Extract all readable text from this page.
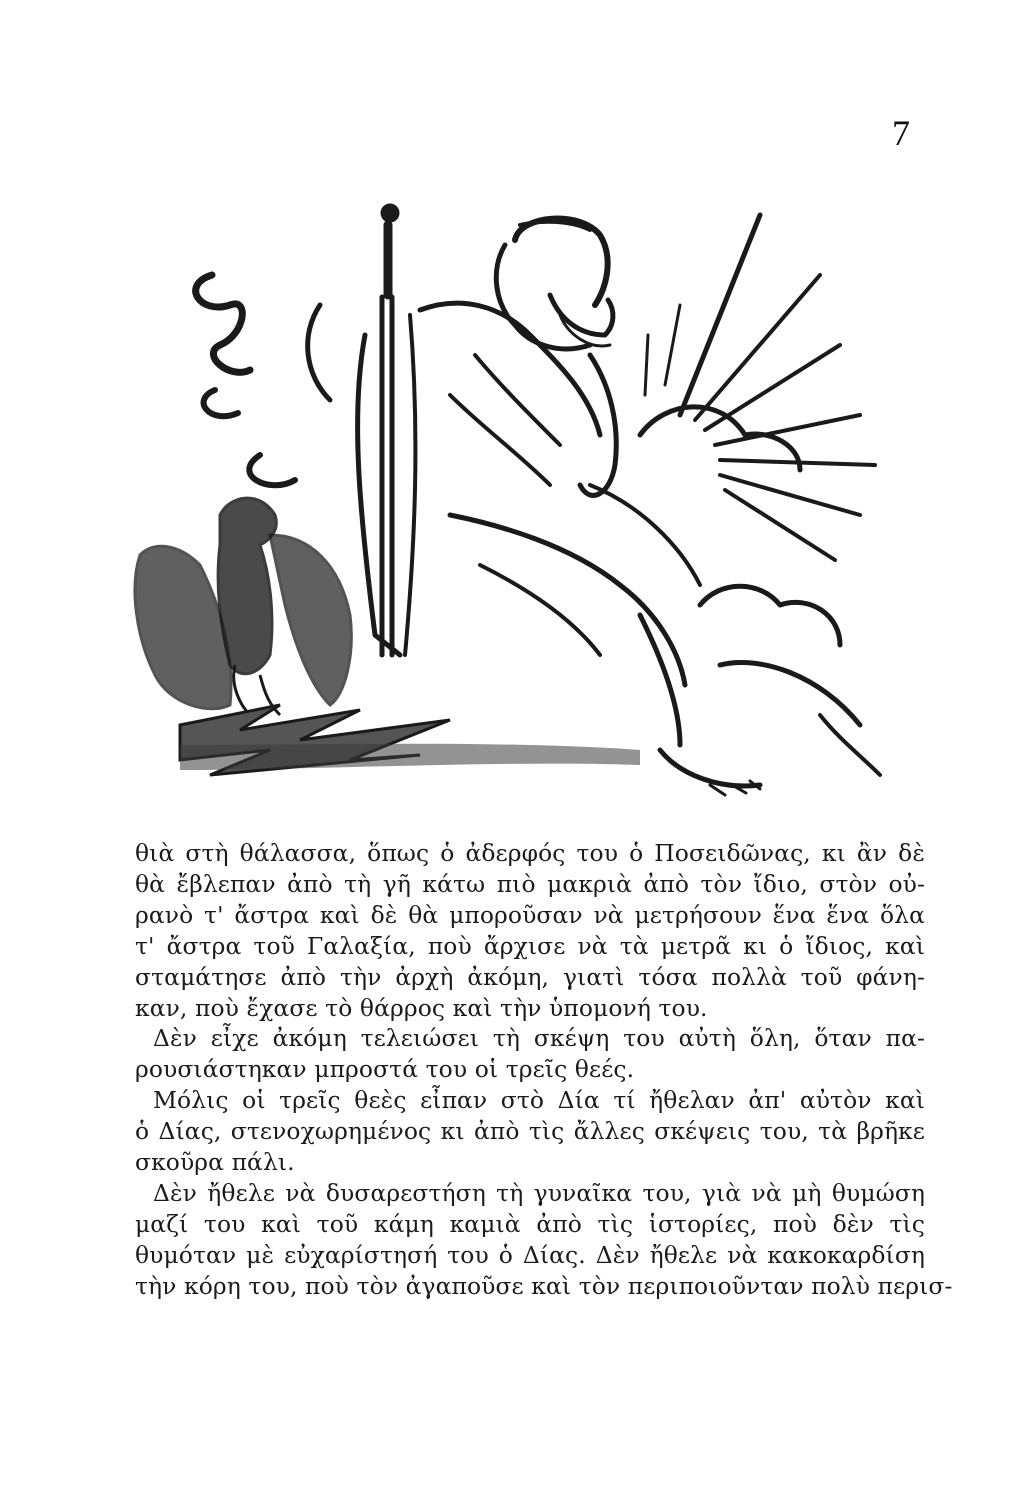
7
θιὰ στὴ θάλασσα, ὅπως ὁ ἀδερφός του ὁ Ποσειδῶνας, κι ἂν δὲ
θὰ ἔβλεπαν ἀπὸ τὴ γῆ κάτω πιὸ μακριὰ ἀπὸ τὸν ἴδιο, στὸν οὐ-
ρανὸ τ' ἄστρα καὶ δὲ θὰ μποροῦσαν νὰ μετρήσουν ἕνα ἕνα ὅλα
τ' ἄστρα τοῦ Γαλαξία, ποὺ ἄρχισε νὰ τὰ μετρᾶ κι ὁ ἴδιος, καὶ
σταμάτησε ἀπὸ τὴν ἀρχὴ ἀκόμη, γιατὶ τόσα πολλὰ τοῦ φάνη-
καν, ποὺ ἔχασε τὸ θάρρος καὶ τὴν ὑπομονή του.
Δὲν εἶχε ἀκόμη τελειώσει τὴ σκέψη του αὐτὴ ὅλη, ὅταν πα-
ρουσιάστηκαν μπροστά του οἱ τρεῖς θεές.
Μόλις οἱ τρεῖς θεὲς εἶπαν στὸ Δία τί ἤθελαν ἀπ' αὐτὸν καὶ
ὁ Δίας, στενοχωρημένος κι ἀπὸ τὶς ἄλλες σκέψεις του, τὰ βρῆκε
σκοῦρα πάλι.
Δὲν ἤθελε νὰ δυσαρεστήση τὴ γυναῖκα του, γιὰ νὰ μὴ θυμώση
μαζί του καὶ τοῦ κάμη καμιὰ ἀπὸ τὶς ἱστορίες, ποὺ δὲν τὶς
θυμόταν μὲ εὐχαρίστησή του ὁ Δίας. Δὲν ἤθελε νὰ κακοκαρδίση
τὴν κόρη του, ποὺ τὸν ἀγαποῦσε καὶ τὸν περιποιοῦνταν πολὺ περισ-
